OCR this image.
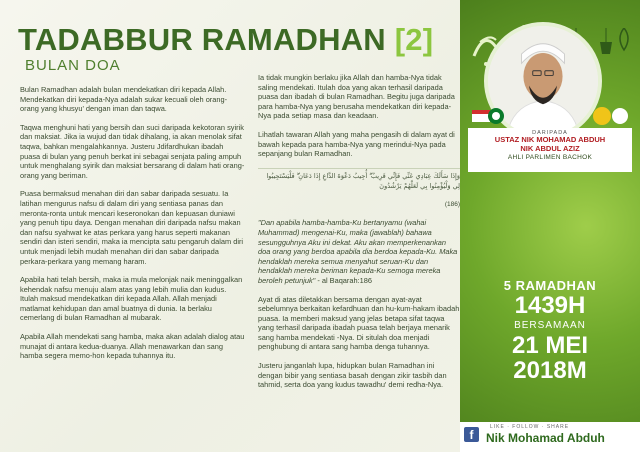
TADABBUR RAMADHAN [2]
BULAN DOA

Bulan Ramadhan adalah bulan mendekatkan diri kepada Allah. Mendekatkan diri kepada-Nya adalah sukar kecuali oleh orang-orang yang khusyu' dengan iman dan taqwa.

Taqwa menghuni hati yang bersih dan suci daripada kekotoran syirik dan maksiat. Jika ia wujud dan tidak dihalang, ia akan menolak sifat taqwa, bahkan mengalahkannya. Justeru Jdifardhukan ibadah puasa di bulan yang penuh berkat ini sebagai senjata paling ampuh untuk menghalang syirik dan maksiat bersarang di dalam hati orang-orang yang beriman.

Puasa bermaksud menahan diri dan sabar daripada sesuatu. Ia latihan mengurus nafsu di dalam diri yang sentiasa panas dan meronta-ronta untuk mencari keseronokan dan kepuasan duniawi yang penuh tipu daya. Dengan menahan diri daripada nafsu makan dan nafsu syahwat ke atas perkara yang harus seperti makanan sendiri dan isteri sendiri, maka ia mencipta satu pengaruh dalam diri untuk menjadi lebih mudah menahan diri dan sabar daripada perkara-perkara yang memang haram.

Apabila hati telah bersih, maka ia mula melonjak naik meninggalkan kehendak nafsu menuju alam atas yang lebih mulia dan kudus. Itulah maksud mendekatkan diri kepada Allah. Allah menjadi matlamat kehidupan dan amal buatnya di dunia. Ia berlaku cemerlang di bulan Ramadhan al mubarak.

Apabila Allah mendekati sang hamba, maka akan adalah dialog atau munajat di antara kedua-duanya. Allah menawarkan dan sang hamba segera memo-hon kepada tuhannya itu.

Ia tidak mungkin berlaku jika Allah dan hamba-Nya tidak saling mendekati. Itulah doa yang akan terhasil daripada puasa dan ibadah di bulan Ramadhan. Begitu juga daripada para hamba-Nya yang berusaha mendekatkan diri kepada-Nya pada setiap masa dan keadaan.

Lihatlah tawaran Allah yang maha pengasih di dalam ayat di bawah kepada para hamba-Nya yang merindui-Nya pada sepanjang bulan Ramadhan.

وَإِذَا سَأَلَكَ عِبَادِي عَنِّي فَإِنِّي قَرِيبٌ ۖ أُجِيبُ دَعْوَةَ الدَّاعِ إِذَا دَعَانِ ۖ فَلْيَسْتَجِيبُوا لِي وَلْيُؤْمِنُوا بِي لَعَلَّهُمْ يَرْشُدُونَ

(186)

"Dan apabila hamba-hamba-Ku bertanyamu (wahai Muhammad) mengenai-Ku, maka (jawablah) bahawa sesungguhnya Aku ini dekat. Aku akan memperkenankan doa orang yang berdoa apabila dia berdoa kepada-Ku. Maka hendaklah mereka semua menyahut seruan-Ku dan hendaklah mereka beriman kepada-Ku semoga mereka beroleh petunjuk" - al Baqarah:186

Ayat di atas diletakkan bersama dengan ayat-ayat sebelumnya berkaitan kefardhuan dan hu-kum-hakam ibadah puasa. Ia memberi maksud yang jelas betapa sifat taqwa yang terhasil daripada ibadah puasa telah berjaya menarik sang hamba mendekati -Nya. Di situlah doa menjadi penghubung di antara sang hamba denga tuhannya.

Justeru janganlah lupa, hidupkan bulan Ramadhan ini dengan bibir yang sentiasa basah dengan zikir tasbih dan tahmid, serta doa yang kudus tawadhu' demi redha-Nya.

DARIPADA
USTAZ NIK MOHAMAD ABDUH
NIK ABDUL AZIZ
AHLI PARLIMEN BACHOK
5 RAMADHAN
1439H
BERSAMAAN
21 MEI
2018M
f
LIKE · FOLLOW · SHARE
Nik Mohamad Abduh
